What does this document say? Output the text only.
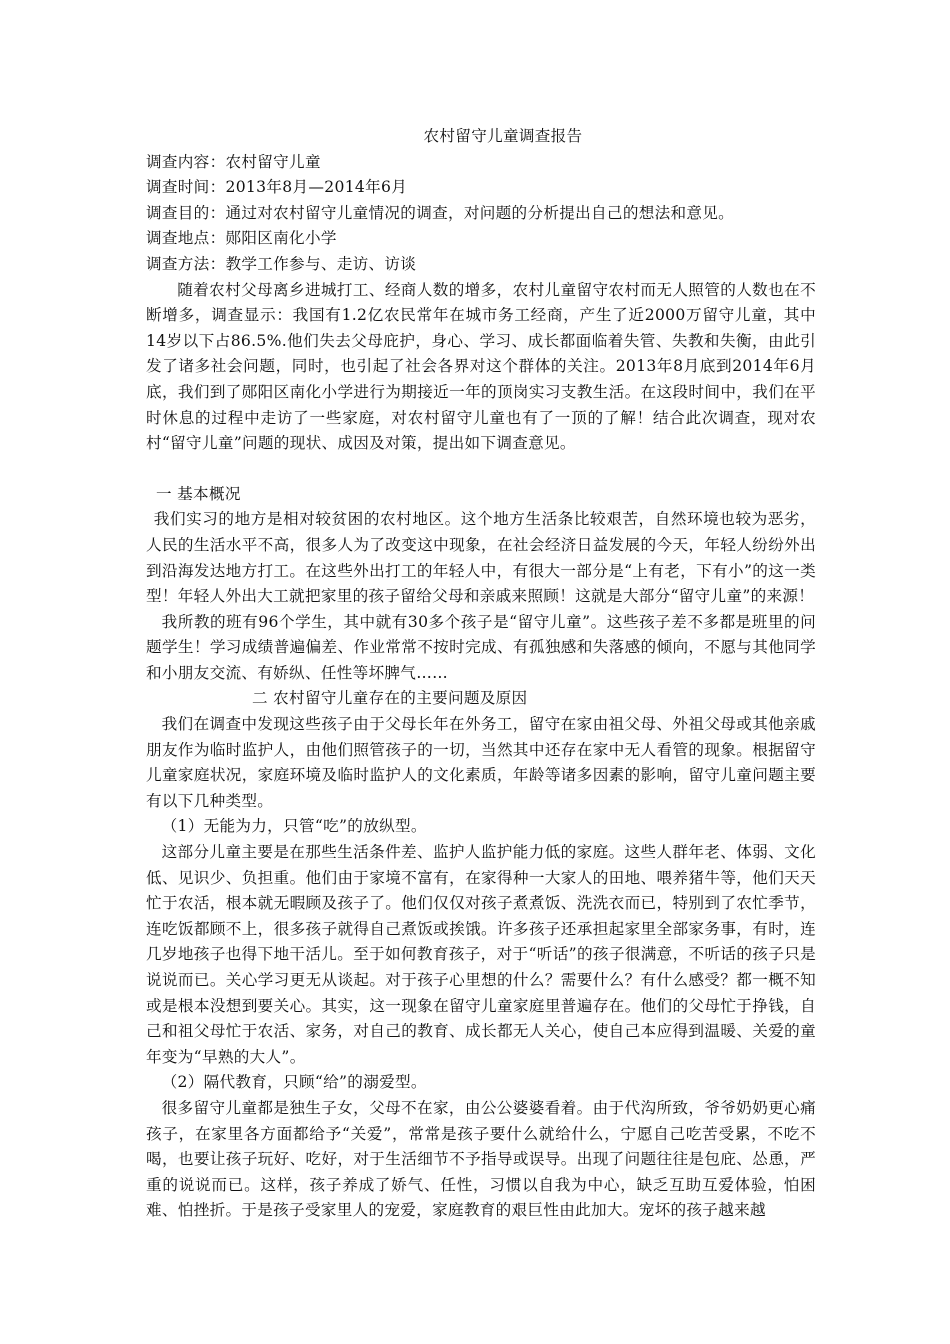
农村留守儿童调查报告

调查内容：农村留守儿童

调查时间：2013年8月—2014年6月

调查目的：通过对农村留守儿童情况的调查，对问题的分析提出自己的想法和意见。

调查地点：郧阳区南化小学

调查方法：教学工作参与、走访、访谈

随着农村父母离乡进城打工、经商人数的增多，农村儿童留守农村而无人照管的人数也在不断增多，调查显示：我国有1.2亿农民常年在城市务工经商，产生了近2000万留守儿童，其中14岁以下占86.5%.他们失去父母庇护，身心、学习、成长都面临着失管、失教和失衡，由此引发了诸多社会问题，同时，也引起了社会各界对这个群体的关注。2013年8月底到2014年6月底，我们到了郧阳区南化小学进行为期接近一年的顶岗实习支教生活。在这段时间中，我们在平时休息的过程中走访了一些家庭，对农村留守儿童也有了一顶的了解！结合此次调查，现对农村“留守儿童”问题的现状、成因及对策，提出如下调查意见。

一 基本概况

我们实习的地方是相对较贫困的农村地区。这个地方生活条比较艰苦，自然环境也较为恶劣，人民的生活水平不高，很多人为了改变这中现象，在社会经济日益发展的今天，年轻人纷纷外出到沿海发达地方打工。在这些外出打工的年轻人中，有很大一部分是“上有老，下有小”的这一类型！年轻人外出大工就把家里的孩子留给父母和亲戚来照顾！这就是大部分“留守儿童”的来源！

我所教的班有96个学生，其中就有30多个孩子是“留守儿童”。这些孩子差不多都是班里的问题学生！学习成绩普遍偏差、作业常常不按时完成、有孤独感和失落感的倾向，不愿与其他同学和小朋友交流、有娇纵、任性等坏脾气……

二 农村留守儿童存在的主要问题及原因

我们在调查中发现这些孩子由于父母长年在外务工，留守在家由祖父母、外祖父母或其他亲戚朋友作为临时监护人，由他们照管孩子的一切，当然其中还存在家中无人看管的现象。根据留守儿童家庭状况，家庭环境及临时监护人的文化素质，年龄等诸多因素的影响，留守儿童问题主要有以下几种类型。

（1）无能为力，只管“吃”的放纵型。

这部分儿童主要是在那些生活条件差、监护人监护能力低的家庭。这些人群年老、体弱、文化低、见识少、负担重。他们由于家境不富有，在家得种一大家人的田地、喂养猪牛等，他们天天忙于农活，根本就无暇顾及孩子了。他们仅仅对孩子煮煮饭、洗洗衣而已，特别到了农忙季节，连吃饭都顾不上，很多孩子就得自己煮饭或挨饿。许多孩子还承担起家里全部家务事，有时，连几岁地孩子也得下地干活儿。至于如何教育孩子，对于“听话”的孩子很满意，不听话的孩子只是说说而已。关心学习更无从谈起。对于孩子心里想的什么？需要什么？有什么感受？都一概不知或是根本没想到要关心。其实，这一现象在留守儿童家庭里普遍存在。他们的父母忙于挣钱，自己和祖父母忙于农活、家务，对自己的教育、成长都无人关心，使自己本应得到温暖、关爱的童年变为“早熟的大人”。

（2）隔代教育，只顾“给”的溺爱型。

很多留守儿童都是独生子女，父母不在家，由公公婆婆看着。由于代沟所致，爷爷奶奶更心痛孩子，在家里各方面都给予“关爱”，常常是孩子要什么就给什么，宁愿自己吃苦受累，不吃不喝，也要让孩子玩好、吃好，对于生活细节不予指导或误导。出现了问题往往是包庇、怂恿，严重的说说而已。这样，孩子养成了娇气、任性，习惯以自我为中心，缺乏互助互爱体验，怕困难、怕挫折。于是孩子受家里人的宠爱，家庭教育的艰巨性由此加大。宠坏的孩子越来越
